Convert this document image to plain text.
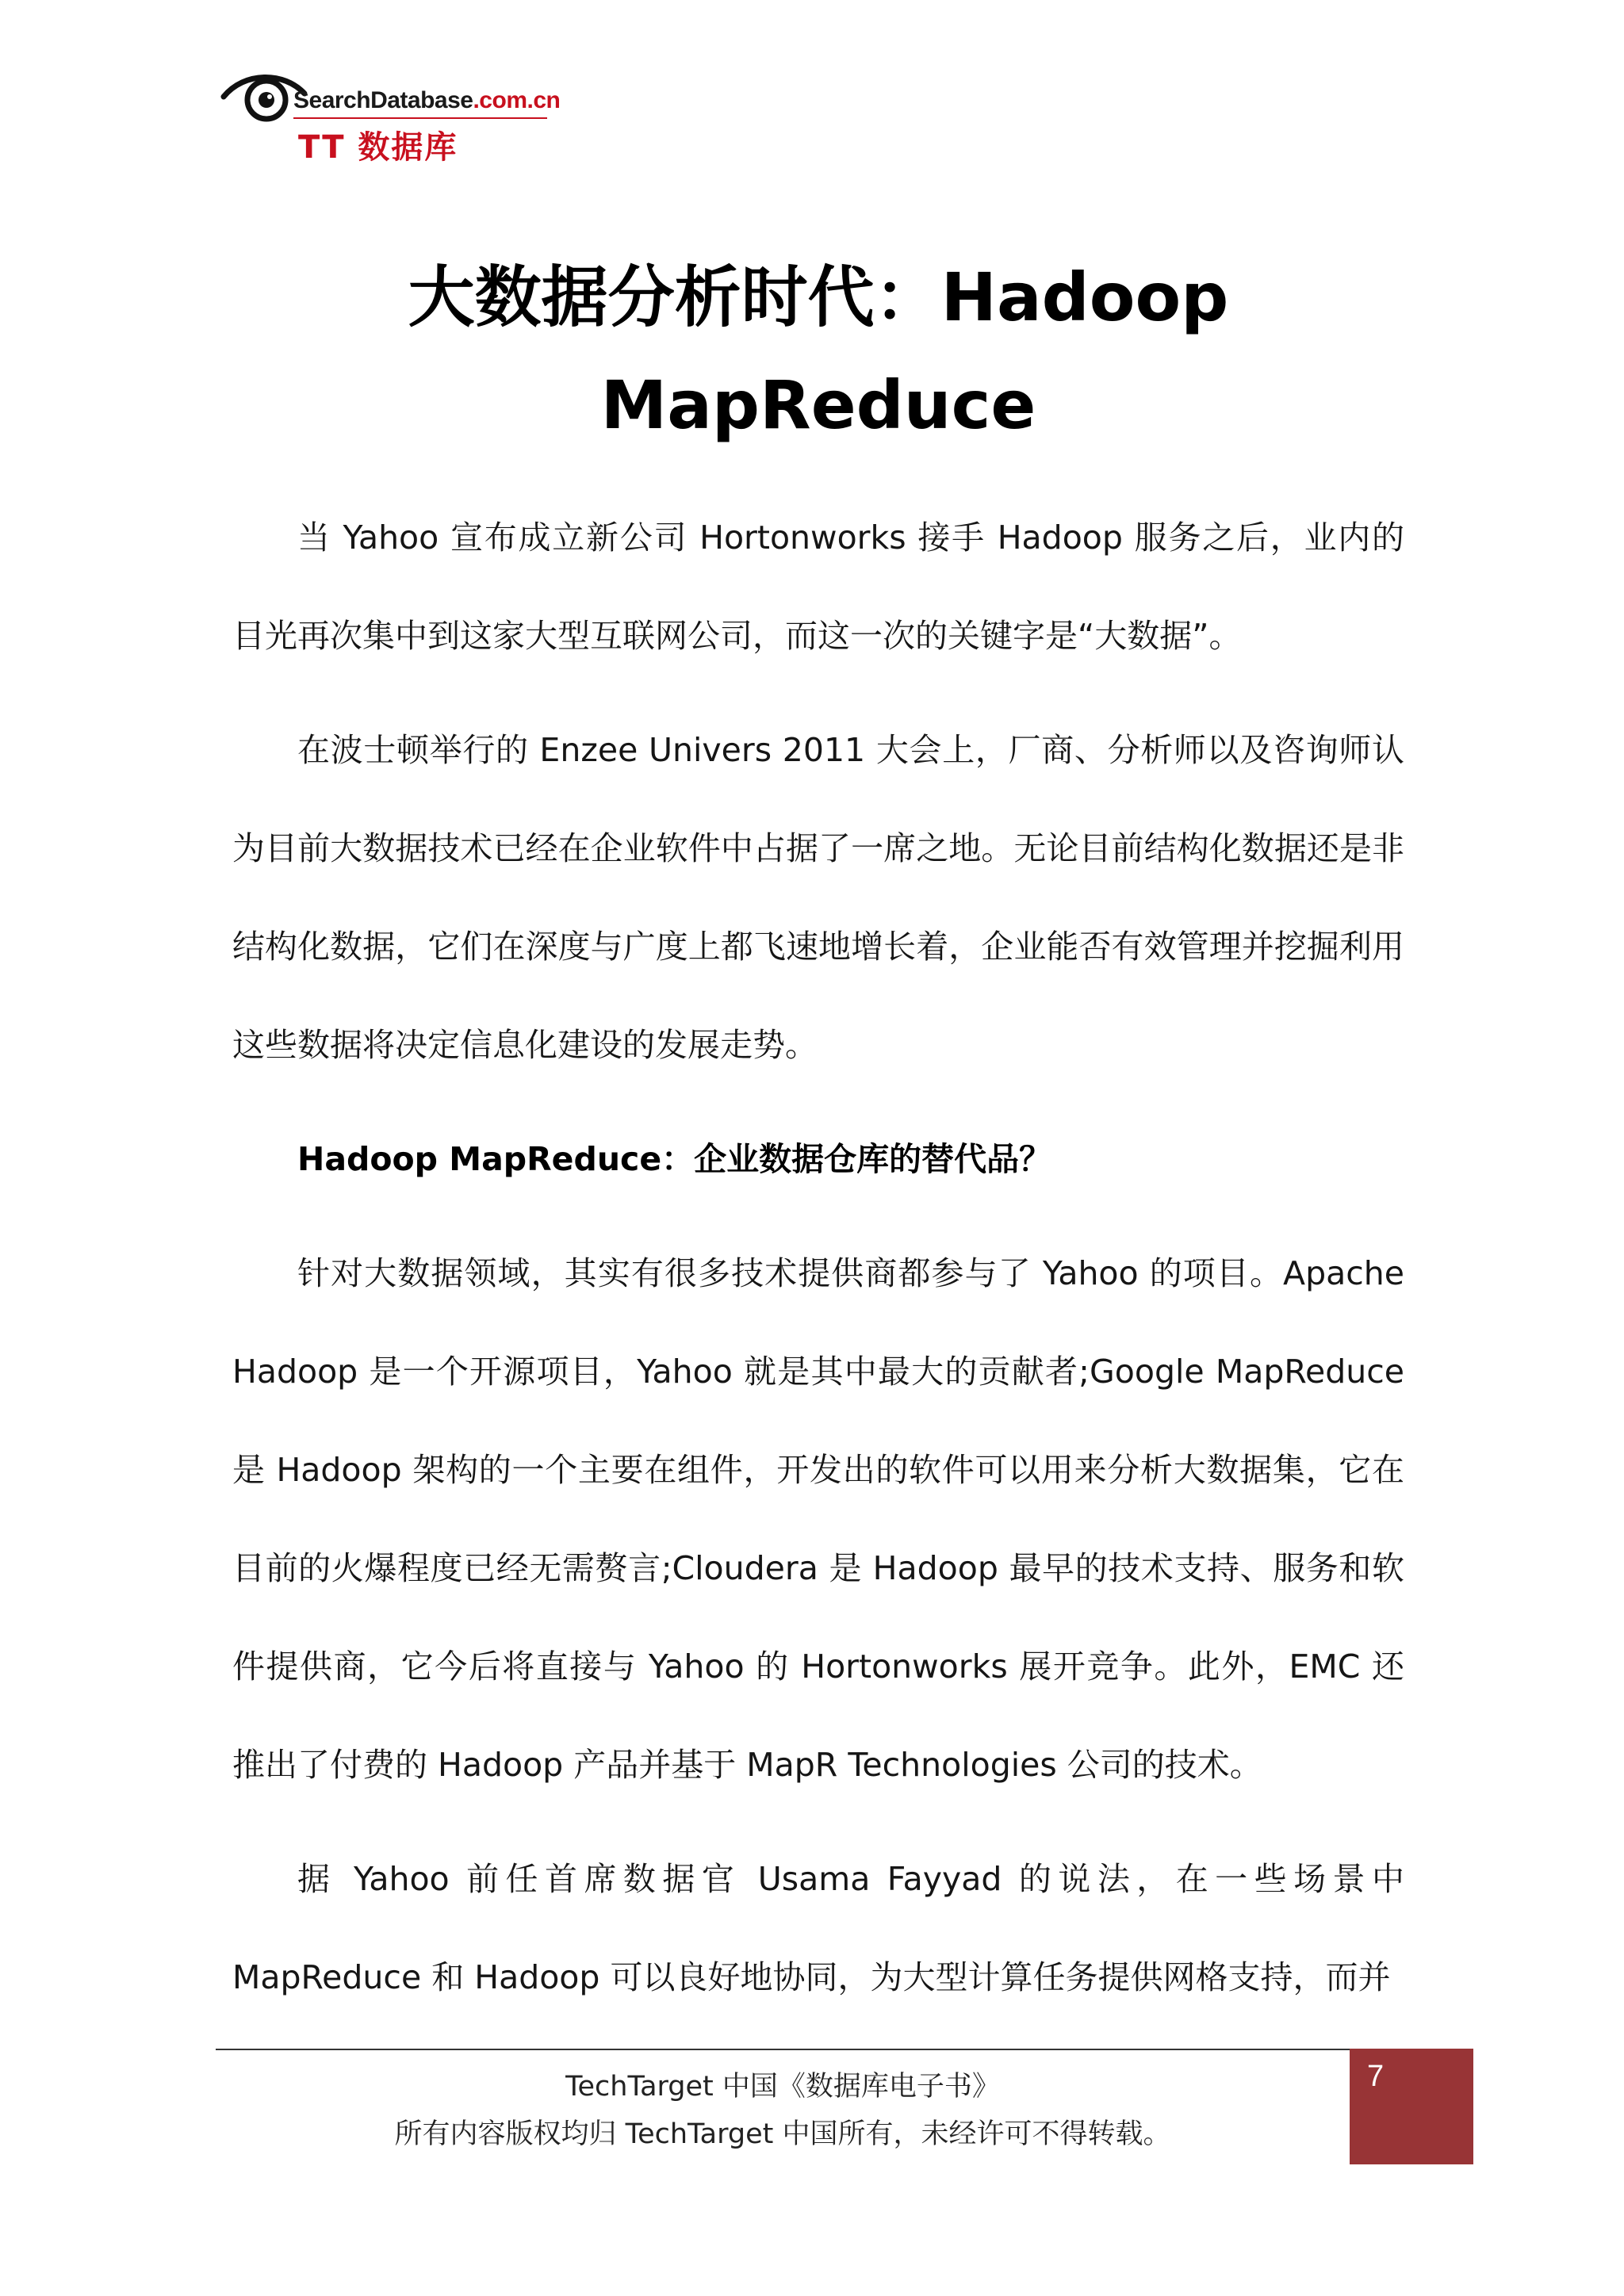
SearchDatabase.com.cn
TT 数据库
大数据分析时代：Hadoop
MapReduce

当 Yahoo 宣布成立新公司 Hortonworks 接手 Hadoop 服务之后，业内的目光再次集中到这家大型互联网公司，而这一次的关键字是“大数据”。

在波士顿举行的 Enzee Univers 2011 大会上，厂商、分析师以及咨询师认为目前大数据技术已经在企业软件中占据了一席之地。无论目前结构化数据还是非结构化数据，它们在深度与广度上都飞速地增长着，企业能否有效管理并挖掘利用这些数据将决定信息化建设的发展走势。

Hadoop MapReduce：企业数据仓库的替代品？

针对大数据领域，其实有很多技术提供商都参与了 Yahoo 的项目。Apache Hadoop 是一个开源项目，Yahoo 就是其中最大的贡献者;Google MapReduce 是 Hadoop 架构的一个主要在组件，开发出的软件可以用来分析大数据集，它在目前的火爆程度已经无需赘言;Cloudera 是 Hadoop 最早的技术支持、服务和软件提供商，它今后将直接与 Yahoo 的 Hortonworks 展开竞争。此外，EMC 还推出了付费的 Hadoop 产品并基于 MapR Technologies 公司的技术。

据 Yahoo 前任首席数据官 Usama Fayyad 的说法，在一些场景中 MapReduce 和 Hadoop 可以良好地协同，为大型计算任务提供网格支持，而并

TechTarget 中国《数据库电子书》
所有内容版权均归 TechTarget 中国所有，未经许可不得转载。
7
